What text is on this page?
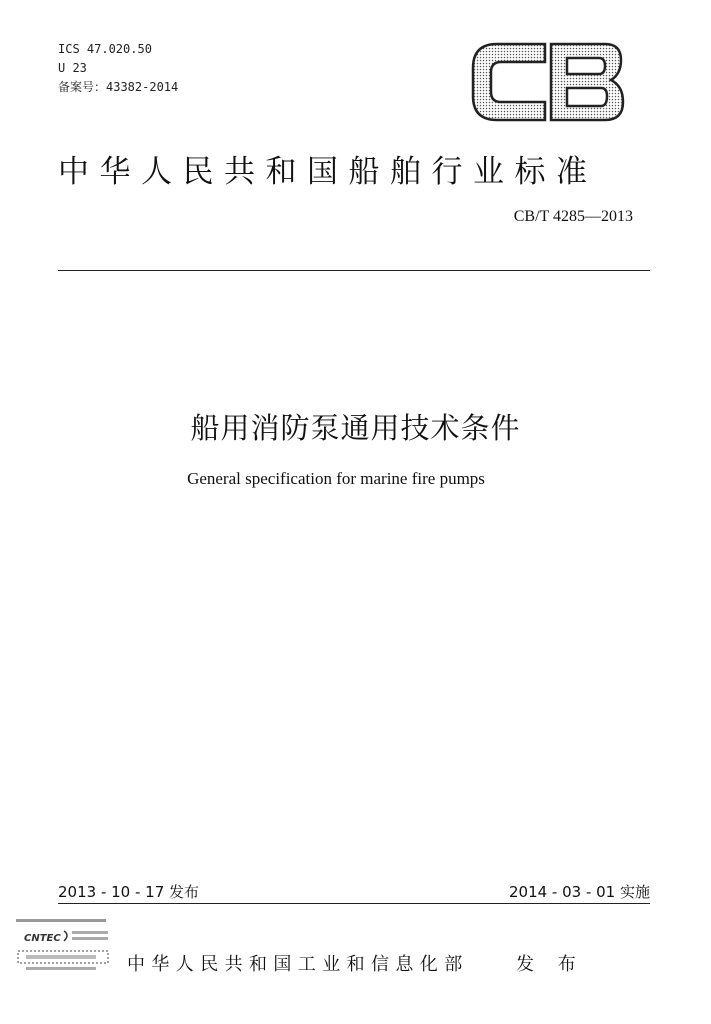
ICS 47.020.50
U 23
备案号：43382-2014
中华人民共和国船舶行业标准
CB/T 4285—2013
船用消防泵通用技术条件
General specification for marine fire pumps
2013 - 10 - 17 发布	2014 - 03 - 01 实施
CNTEC
中华人民共和国工业和信息化部	发 布
